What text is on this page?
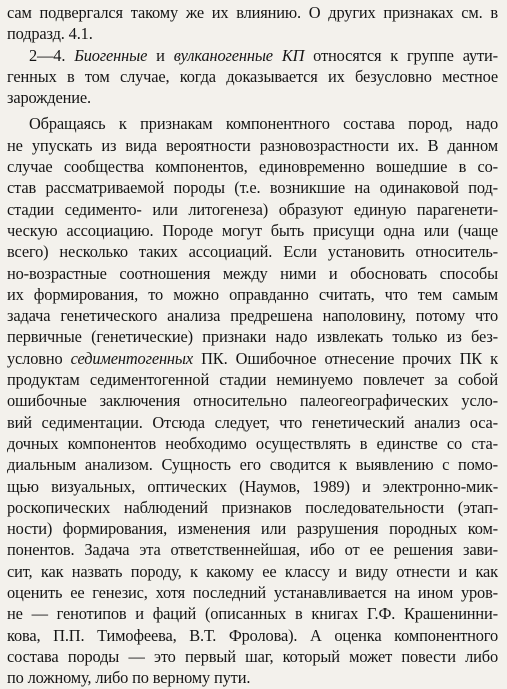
сам подвергался такому же их влиянию. О других признаках см. в
подразд. 4.1.

2—4. Биогенные и вулканогенные КП относятся к группе аути-
генных в том случае, когда доказывается их безусловно местное
зарождение.

Обращаясь к признакам компонентного состава пород, надо
не упускать из вида вероятности разновозрастности их. В данном
случае сообщества компонентов, единовременно вошедшие в со-
став рассматриваемой породы (т.е. возникшие на одинаковой под-
стадии седименто- или литогенеза) образуют единую парагенети-
ческую ассоциацию. Породе могут быть присущи одна или (чаще
всего) несколько таких ассоциаций. Если установить относитель-
но-возрастные соотношения между ними и обосновать способы
их формирования, то можно оправданно считать, что тем самым
задача генетического анализа предрешена наполовину, потому что
первичные (генетические) признаки надо извлекать только из без-
условно седиментогенных ПК. Ошибочное отнесение прочих ПК к
продуктам седиментогенной стадии неминуемо повлечет за собой
ошибочные заключения относительно палеогеографических усло-
вий седиментации. Отсюда следует, что генетический анализ оса-
дочных компонентов необходимо осуществлять в единстве со ста-
диальным анализом. Сущность его сводится к выявлению с помо-
щью визуальных, оптических (Наумов, 1989) и электронно-мик-
роскопических наблюдений признаков последовательности (этап-
ности) формирования, изменения или разрушения породных ком-
понентов. Задача эта ответственнейшая, ибо от ее решения зави-
сит, как назвать породу, к какому ее классу и виду отнести и как
оценить ее генезис, хотя последний устанавливается на ином уров-
не — генотипов и фаций (описанных в книгах Г.Ф. Крашенинни-
кова, П.П. Тимофеева, В.Т. Фролова). А оценка компонентного
состава породы — это первый шаг, который может повести либо
по ложному, либо по верному пути.
